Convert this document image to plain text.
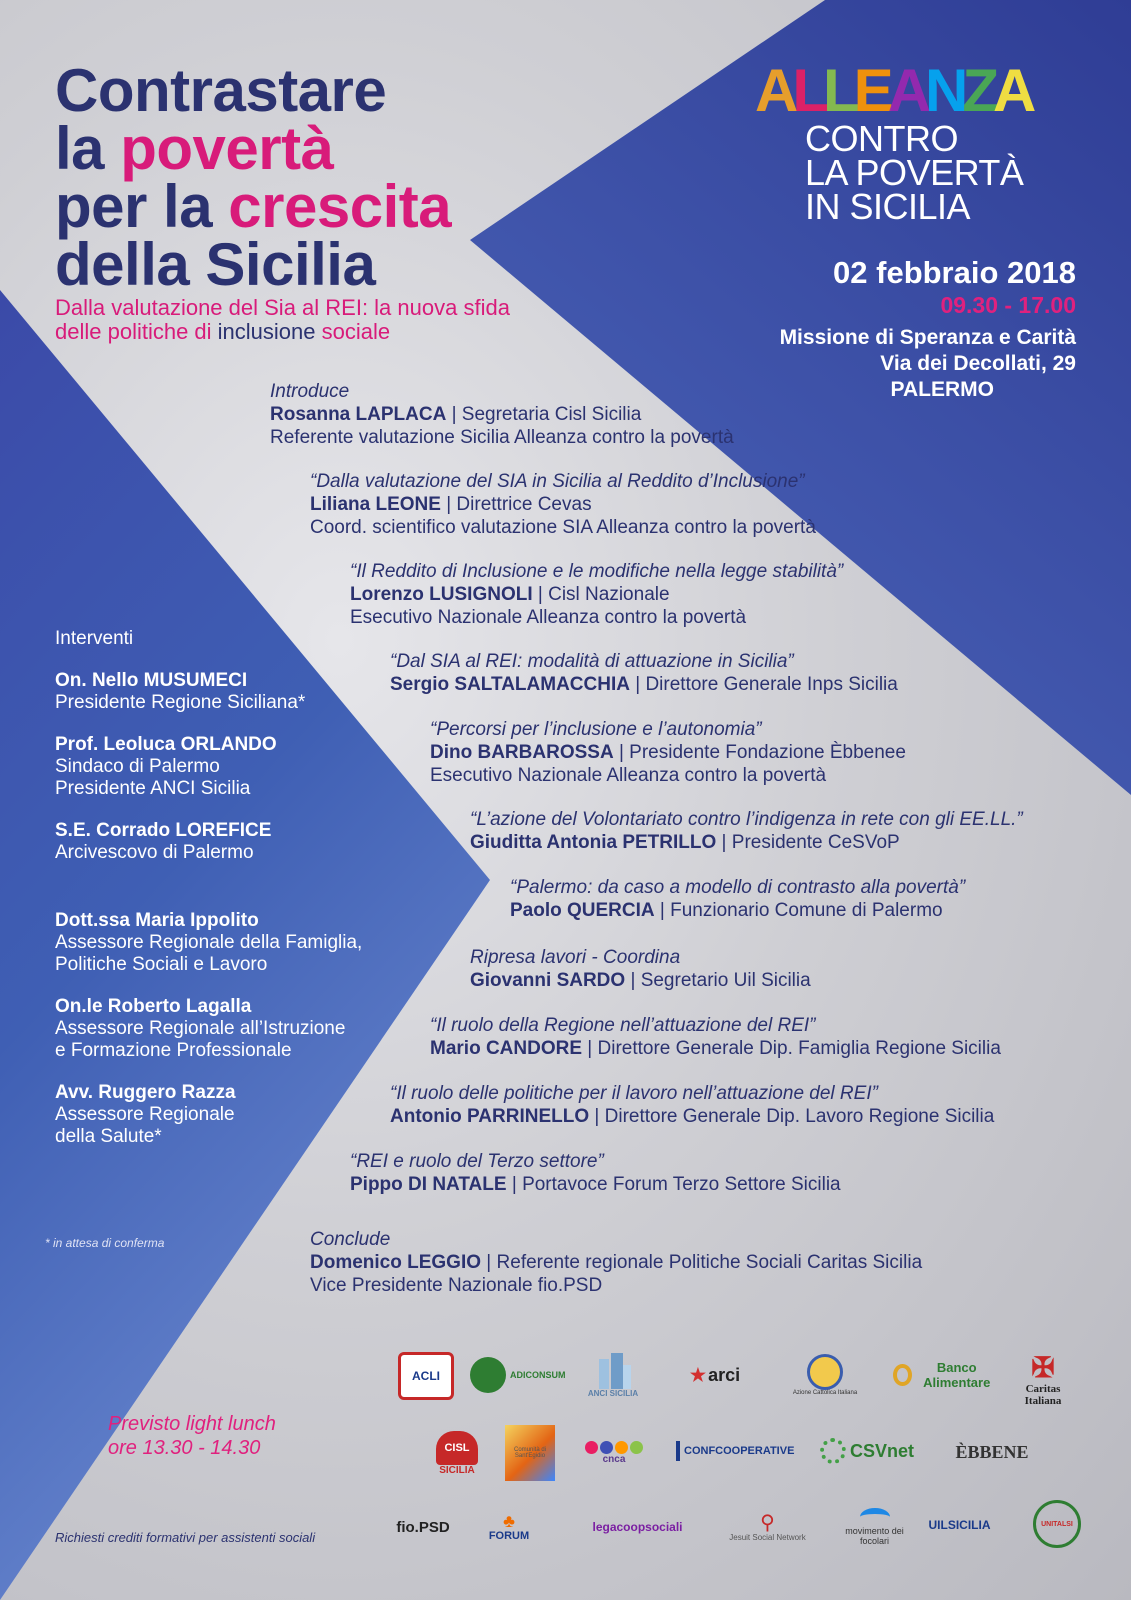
Contrastare
la povertà
per la crescita
della Sicilia
Dalla valutazione del Sia al REI: la nuova sfida
delle politiche di inclusione sociale
ALLEANZA
CONTRO
LA POVERTÀ
IN SICILIA
02 febbraio 2018
09.30 - 17.00
Missione di Speranza e Carità
Via dei Decollati, 29
PALERMO
Introduce
Rosanna LAPLACA | Segretaria Cisl Sicilia
Referente valutazione Sicilia Alleanza contro la povertà
“Dalla valutazione del SIA in Sicilia al Reddito d’Inclusione”
Liliana LEONE | Direttrice Cevas
Coord. scientifico valutazione SIA Alleanza contro la povertà
“Il Reddito di Inclusione e le modifiche nella legge stabilità”
Lorenzo LUSIGNOLI | Cisl Nazionale
Esecutivo Nazionale Alleanza contro la povertà
“Dal SIA al REI: modalità di attuazione in Sicilia”
Sergio SALTALAMACCHIA | Direttore Generale Inps Sicilia
“Percorsi per l’inclusione e l’autonomia”
Dino BARBAROSSA | Presidente Fondazione Èbbenee
Esecutivo Nazionale Alleanza contro la povertà
“L’azione del Volontariato contro l’indigenza in rete con gli EE.LL.”
Giuditta Antonia PETRILLO | Presidente CeSVoP
“Palermo: da caso a modello di contrasto alla povertà”
Paolo QUERCIA | Funzionario Comune di Palermo
Ripresa lavori - Coordina
Giovanni SARDO | Segretario Uil Sicilia
“Il ruolo della Regione nell’attuazione del REI”
Mario CANDORE | Direttore Generale Dip. Famiglia Regione Sicilia
“Il ruolo delle politiche per il lavoro nell’attuazione del REI”
Antonio PARRINELLO | Direttore Generale Dip. Lavoro Regione Sicilia
“REI e ruolo del Terzo settore”
Pippo DI NATALE | Portavoce Forum Terzo Settore Sicilia
Conclude
Domenico LEGGIO | Referente regionale Politiche Sociali Caritas Sicilia
Vice Presidente Nazionale fio.PSD
Interventi
On. Nello MUSUMECI
Presidente Regione Siciliana*
Prof. Leoluca ORLANDO
Sindaco di Palermo
Presidente ANCI Sicilia
S.E. Corrado LOREFICE
Arcivescovo di Palermo
Dott.ssa Maria Ippolito
Assessore Regionale della Famiglia,
Politiche Sociali e Lavoro
On.le Roberto Lagalla
Assessore Regionale all’Istruzione
e Formazione Professionale
Avv. Ruggero Razza
Assessore Regionale
della Salute*
* in attesa di conferma
Previsto light lunch
ore 13.30 - 14.30
Richiesti crediti formativi per assistenti sociali
ACLI	ADICONSUM
ANCI SICILIA
★ arci
Azione Cattolica Italiana
Banco Alimentare ✠
Caritas Italiana
CISL
SICILIA
Comunità di Sant'Egidio	cnca
CONFCOOPERATIVE	CSVnet ÈBBENE
fio.PSD	♣
FORUM
legacoopsociali	⚲
Jesuit Social Network
movimento dei focolari
UILSICILIA	UNITALSI
